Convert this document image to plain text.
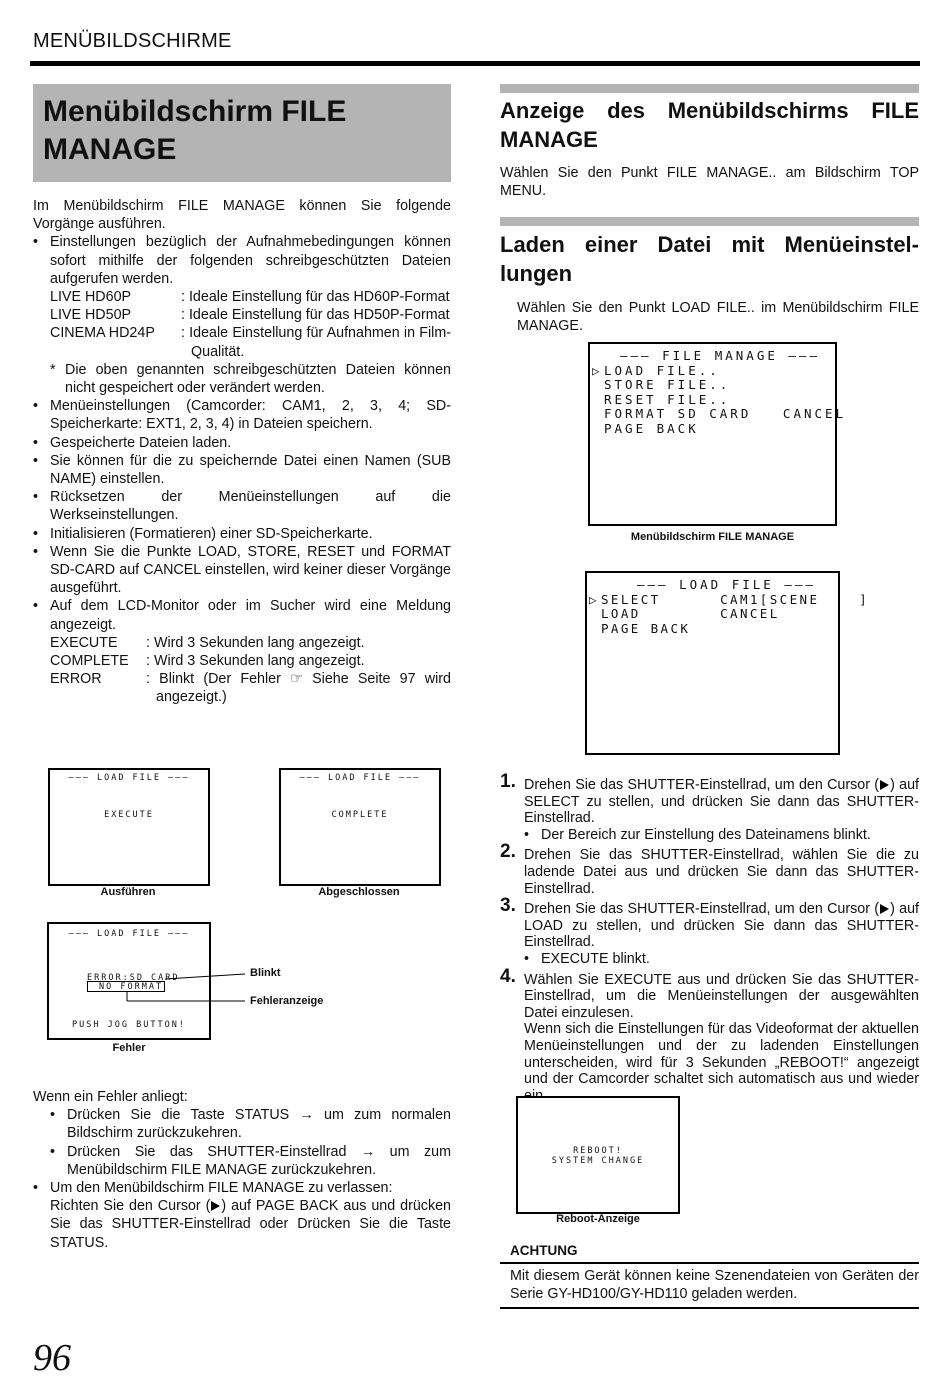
MENÜBILDSCHIRME
Menübildschirm FILE
MANAGE

Im Menübildschirm FILE MANAGE können Sie folgende Vorgänge ausführen.

• Einstellungen bezüglich der Aufnahmebedingungen können sofort mithilfe der folgenden schreibgeschützten Dateien aufgerufen werden.

LIVE HD60P	: Ideale Einstellung für das HD60P-Format
LIVE HD50P	: Ideale Einstellung für das HD50P-Format
CINEMA HD24P	: Ideale Einstellung für Aufnahmen in Film-Qualität.

* Die oben genannten schreibgeschützten Dateien können nicht gespeichert oder verändert werden.

• Menüeinstellungen (Camcorder: CAM1, 2, 3, 4; SD-Speicherkarte: EXT1, 2, 3, 4) in Dateien speichern.

• Gespeicherte Dateien laden.

• Sie können für die zu speichernde Datei einen Namen (SUB NAME) einstellen.

• Rücksetzen der Menüeinstellungen auf die Werkseinstellungen.

• Initialisieren (Formatieren) einer SD-Speicherkarte.

• Wenn Sie die Punkte LOAD, STORE, RESET und FORMAT SD-CARD auf CANCEL einstellen, wird keiner dieser Vorgänge ausgeführt.

• Auf dem LCD-Monitor oder im Sucher wird eine Meldung angezeigt.

EXECUTE	: Wird 3 Sekunden lang angezeigt.
COMPLETE	: Wird 3 Sekunden lang angezeigt.
ERROR	: Blinkt (Der Fehler ☞ Siehe Seite 97 wird angezeigt.)
––– LOAD FILE –––
EXECUTE
Ausführen
––– LOAD FILE –––
COMPLETE
Abgeschlossen
––– LOAD FILE –––
ERROR:SD CARD
NO FORMAT
PUSH JOG BUTTON!
Blinkt
Fehleranzeige
Fehler

Wenn ein Fehler anliegt:

• Drücken Sie die Taste STATUS → um zum normalen Bildschirm zurückzukehren.

• Drücken Sie das SHUTTER-Einstellrad → um zum Menübildschirm FILE MANAGE zurückzukehren.

• Um den Menübildschirm FILE MANAGE zu verlassen:

Richten Sie den Cursor ( ) auf PAGE BACK aus und drücken Sie das SHUTTER-Einstellrad oder Drücken Sie die Taste STATUS.

Anzeige des Menübildschirms FILE MANAGE

Wählen Sie den Punkt FILE MANAGE.. am Bildschirm TOP MENU.

Laden einer Datei mit Menüeinstel-lungen

Wählen Sie den Punkt LOAD FILE.. im Menübildschirm FILE MANAGE.

––– FILE MANAGE –––
▷ LOAD FILE..
STORE FILE..
RESET FILE..
FORMAT SD CARD   CANCEL
PAGE BACK
Menübildschirm FILE MANAGE
––– LOAD FILE –––
▷ SELECT      CAM1[SCENE    ]
LOAD        CANCEL
PAGE BACK

1. Drehen Sie das SHUTTER-Einstellrad, um den Cursor ( ) auf SELECT zu stellen, und drücken Sie dann das SHUTTER-Einstellrad.

• Der Bereich zur Einstellung des Dateinamens blinkt.

2. Drehen Sie das SHUTTER-Einstellrad, wählen Sie die zu ladende Datei aus und drücken Sie dann das SHUTTER-Einstellrad.

3. Drehen Sie das SHUTTER-Einstellrad, um den Cursor ( ) auf LOAD zu stellen, und drücken Sie dann das SHUTTER-Einstellrad.

• EXECUTE blinkt.

4. Wählen Sie EXECUTE aus und drücken Sie das SHUTTER-Einstellrad, um die Menüeinstellungen der ausgewählten Datei einzulesen.

Wenn sich die Einstellungen für das Videoformat der aktuellen Menüeinstellungen und der zu ladenden Einstellungen unterscheiden, wird für 3 Sekunden „REBOOT!“ angezeigt und der Camcorder schaltet sich automatisch aus und wieder

REBOOT!
SYSTEM CHANGE
Reboot-Anzeige
ACHTUNG

Mit diesem Gerät können keine Szenendateien von Geräten der Serie GY-HD100/GY-HD110 geladen werden.

96
